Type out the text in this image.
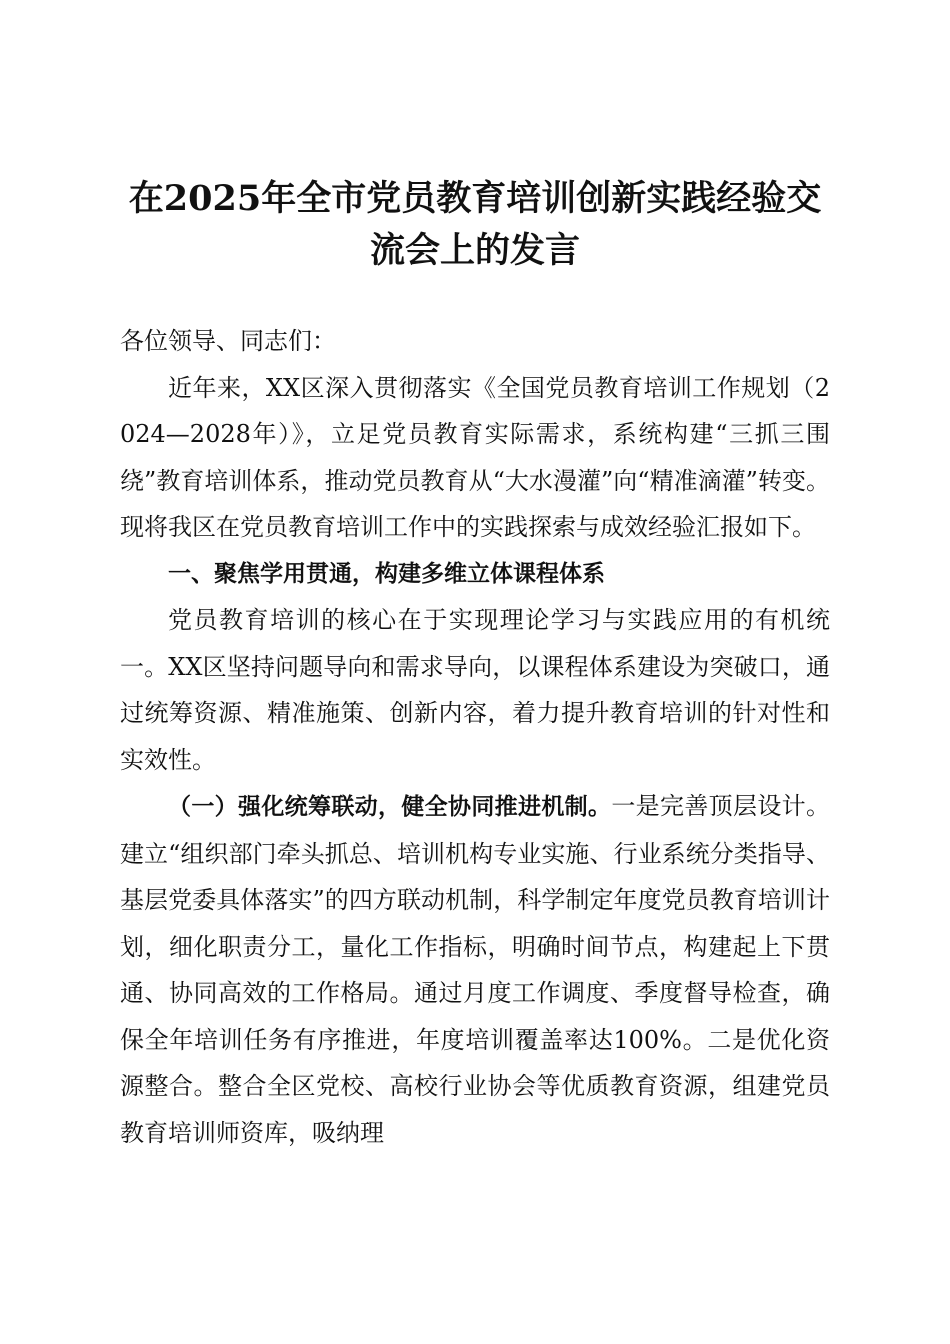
在2025年全市党员教育培训创新实践经验交
流会上的发言

各位领导、同志们：

近年来，XX区深入贯彻落实《全国党员教育培训工作规划（2024—2028年）》，立足党员教育实际需求，系统构建“三抓三围绕”教育培训体系，推动党员教育从“大水漫灌”向“精准滴灌”转变。现将我区在党员教育培训工作中的实践探索与成效经验汇报如下。

一、聚焦学用贯通，构建多维立体课程体系

党员教育培训的核心在于实现理论学习与实践应用的有机统一。XX区坚持问题导向和需求导向，以课程体系建设为突破口，通过统筹资源、精准施策、创新内容，着力提升教育培训的针对性和实效性。

（一）强化统筹联动，健全协同推进机制。一是完善顶层设计。建立“组织部门牵头抓总、培训机构专业实施、行业系统分类指导、基层党委具体落实”的四方联动机制，科学制定年度党员教育培训计划，细化职责分工，量化工作指标，明确时间节点，构建起上下贯通、协同高效的工作格局。通过月度工作调度、季度督导检查，确保全年培训任务有序推进，年度培训覆盖率达100%。二是优化资源整合。整合全区党校、高校行业协会等优质教育资源，组建党员教育培训师资库，吸纳理
